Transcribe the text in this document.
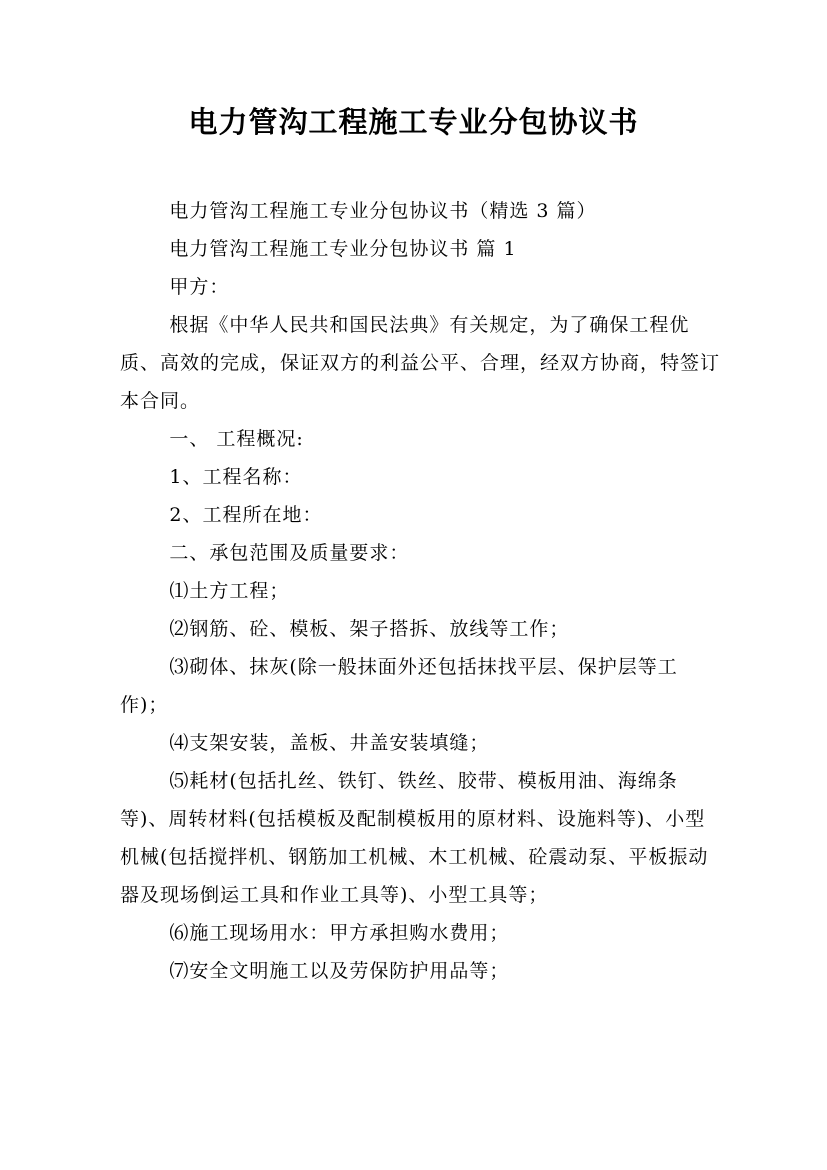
电力管沟工程施工专业分包协议书

电力管沟工程施工专业分包协议书（精选 3 篇）

电力管沟工程施工专业分包协议书 篇 1

甲方：

根据《中华人民共和国民法典》有关规定，为了确保工程优质、高效的完成，保证双方的利益公平、合理，经双方协商，特签订本合同。

一、 工程概况:

1、工程名称：

2、工程所在地：

二、承包范围及质量要求：

⑴土方工程；

⑵钢筋、砼、模板、架子搭拆、放线等工作；

⑶砌体、抹灰(除一般抹面外还包括抹找平层、保护层等工作)；

⑷支架安装，盖板、井盖安装填缝；

⑸耗材(包括扎丝、铁钉、铁丝、胶带、模板用油、海绵条等)、周转材料(包括模板及配制模板用的原材料、设施料等)、小型机械(包括搅拌机、钢筋加工机械、木工机械、砼震动泵、平板振动器及现场倒运工具和作业工具等)、小型工具等；

⑹施工现场用水：甲方承担购水费用；

⑺安全文明施工以及劳保防护用品等；
